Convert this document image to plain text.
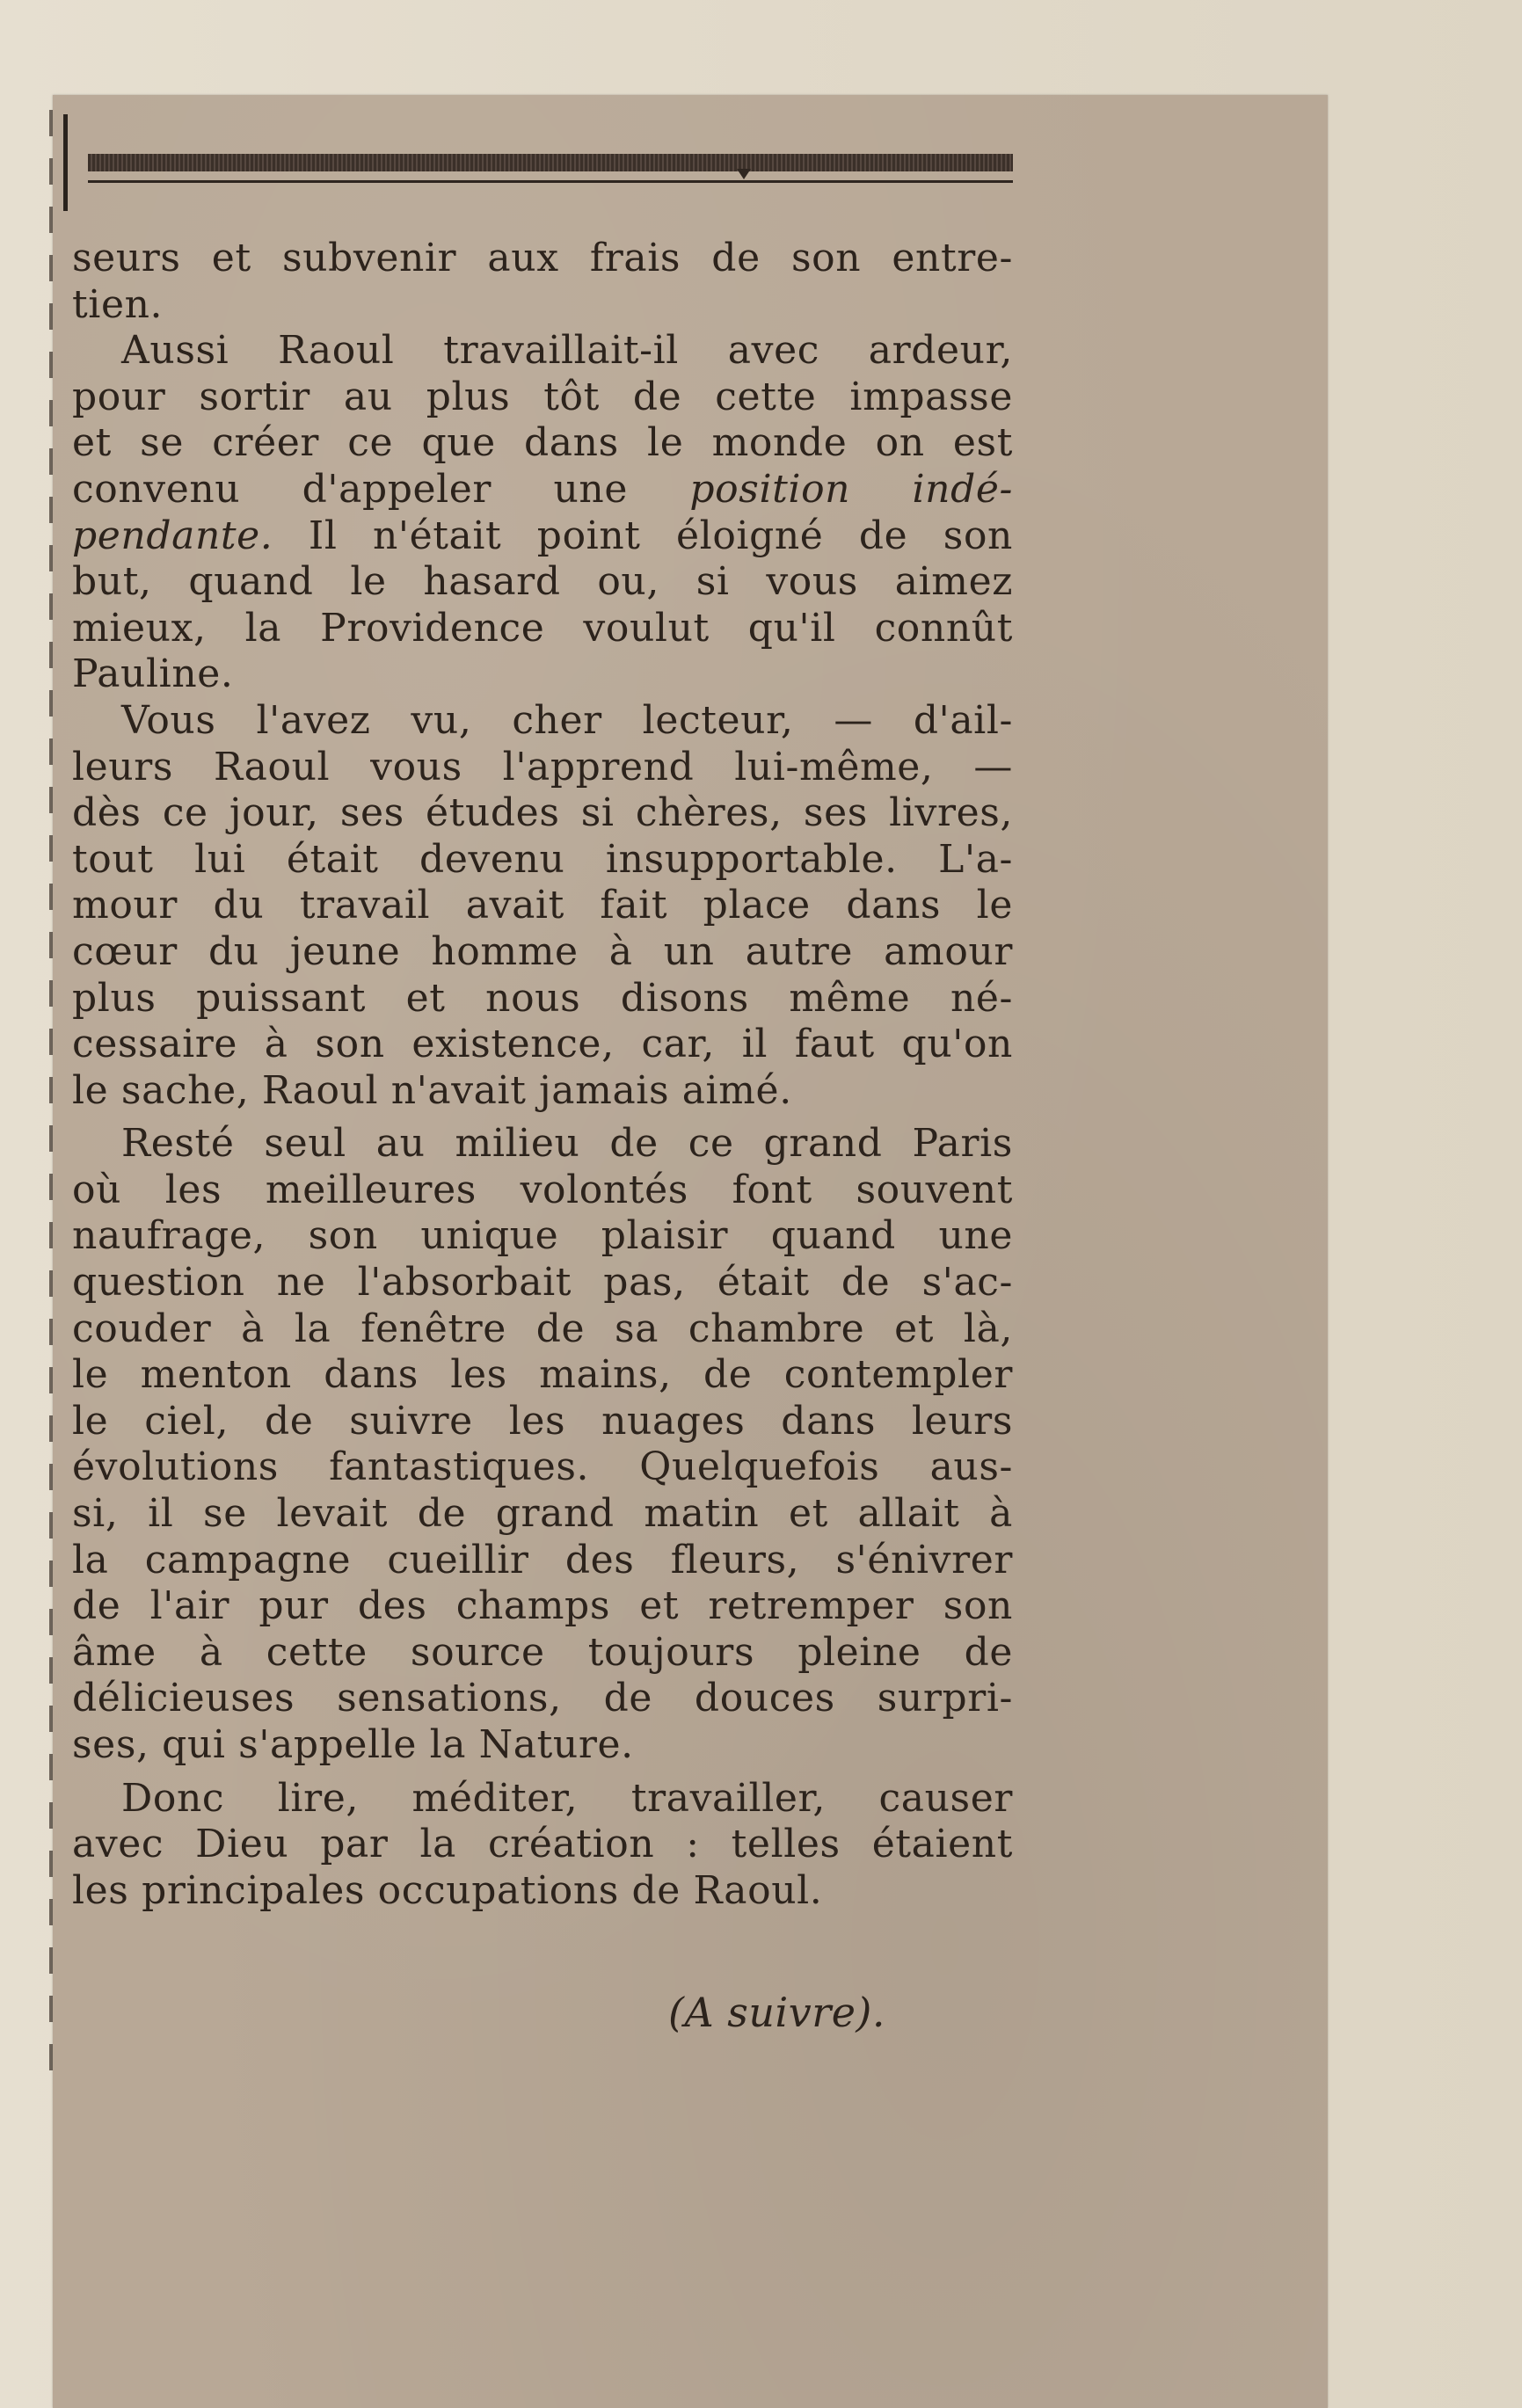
seurs et subvenir aux frais de son entre-
tien.
Aussi Raoul travaillait-il avec ardeur,
pour sortir au plus tôt de cette impasse
et se créer ce que dans le monde on est
convenu d'appeler une position indé-
pendante. Il n'était point éloigné de son
but, quand le hasard ou, si vous aimez
mieux, la Providence voulut qu'il connût
Pauline.
Vous l'avez vu, cher lecteur, — d'ail-
leurs Raoul vous l'apprend lui-même, —
dès ce jour, ses études si chères, ses livres,
tout lui était devenu insupportable. L'a-
mour du travail avait fait place dans le
cœur du jeune homme à un autre amour
plus puissant et nous disons même né-
cessaire à son existence, car, il faut qu'on
le sache, Raoul n'avait jamais aimé.
Resté seul au milieu de ce grand Paris
où les meilleures volontés font souvent
naufrage, son unique plaisir quand une
question ne l'absorbait pas, était de s'ac-
couder à la fenêtre de sa chambre et là,
le menton dans les mains, de contempler
le ciel, de suivre les nuages dans leurs
évolutions fantastiques. Quelquefois aus-
si, il se levait de grand matin et allait à
la campagne cueillir des fleurs, s'énivrer
de l'air pur des champs et retremper son
âme à cette source toujours pleine de
délicieuses sensations, de douces surpri-
ses, qui s'appelle la Nature.
Donc lire, méditer, travailler, causer
avec Dieu par la création : telles étaient
les principales occupations de Raoul.
(A suivre).
